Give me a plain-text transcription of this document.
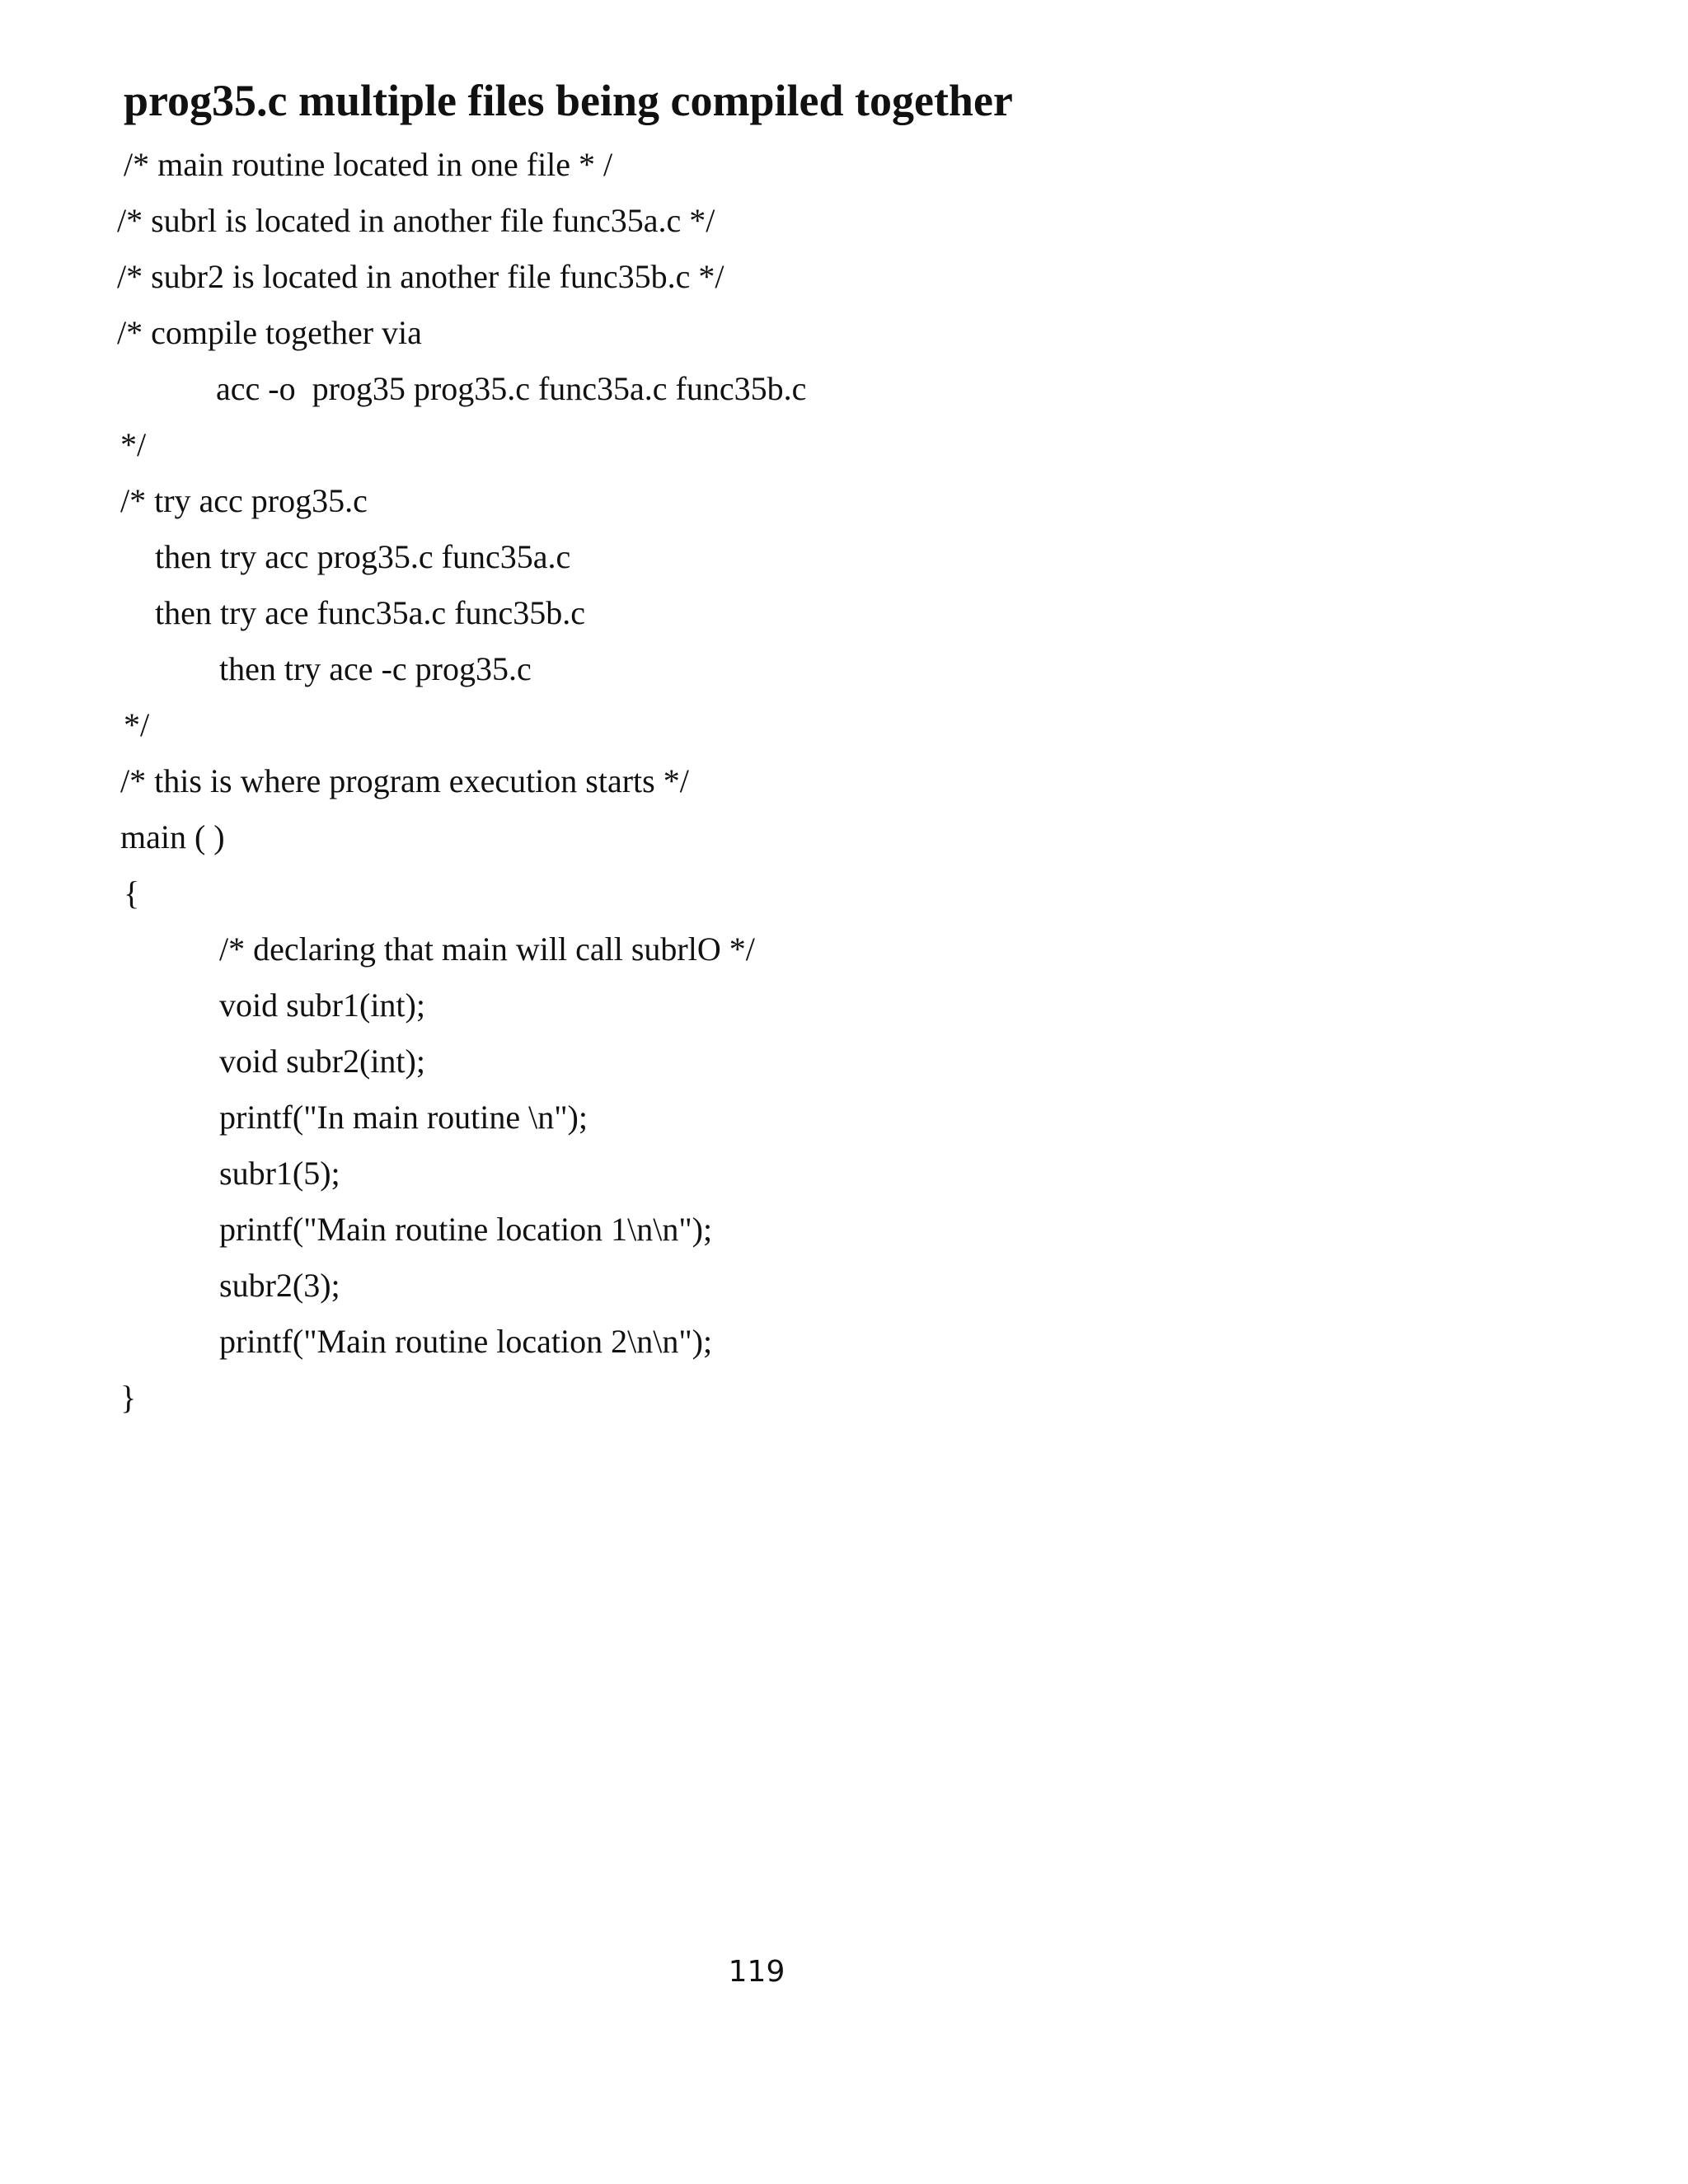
prog35.c multiple files being compiled together
/* main routine located in one file * /
/* subrl is located in another file func35a.c */
/* subr2 is located in another file func35b.c */
/* compile together via
acc -o  prog35 prog35.c func35a.c func35b.c
*/
/* try acc prog35.c
then try acc prog35.c func35a.c
then try ace func35a.c func35b.c
then try ace -c prog35.c
*/
/* this is where program execution starts */
main ( )
{
/* declaring that main will call subrlO */
void subr1(int);
void subr2(int);
printf("In main routine \n");
subr1(5);
printf("Main routine location 1\n\n");
subr2(3);
printf("Main routine location 2\n\n");
}
119
